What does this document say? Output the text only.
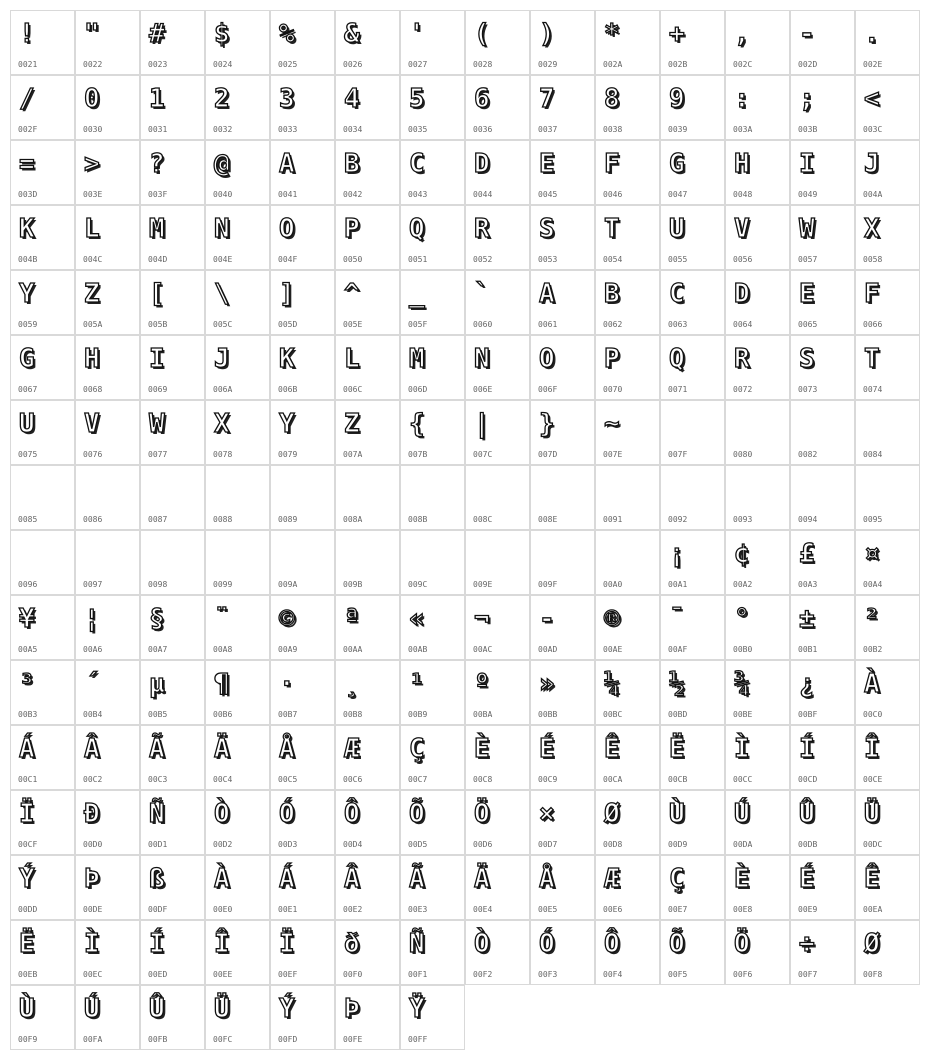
!
0021
"
0022
#
0023
$
0024
%
0025
&
0026
'
0027
(
0028
)
0029
*
002A
+
002B
,
002C
-
002D
.
002E
/
002F
0
0030
1
0031
2
0032
3
0033
4
0034
5
0035
6
0036
7
0037
8
0038
9
0039
:
003A
;
003B
<
003C
=
003D
>
003E
?
003F
@
0040
A
0041
B
0042
C
0043
D
0044
E
0045
F
0046
G
0047
H
0048
I
0049
J
004A
K
004B
L
004C
M
004D
N
004E
O
004F
P
0050
Q
0051
R
0052
S
0053
T
0054
U
0055
V
0056
W
0057
X
0058
Y
0059
Z
005A
[
005B
\
005C
]
005D
^
005E
_
005F
`
0060
A
0061
B
0062
C
0063
D
0064
E
0065
F
0066
G
0067
H
0068
I
0069
J
006A
K
006B
L
006C
M
006D
N
006E
O
006F
P
0070
Q
0071
R
0072
S
0073
T
0074
U
0075
V
0076
W
0077
X
0078
Y
0079
Z
007A
{
007B
|
007C
}
007D
~
007E	007F	0080	0082	0084
0085	0086	0087	0088	0089	008A	008B	008C	008E	0091	0092	0093	0094	0095
0096	0097	0098	0099	009A	009B	009C	009E	009F	00A0
¡
00A1
¢
00A2
£
00A3
¤
00A4
¥
00A5
¦
00A6
§
00A7
¨
00A8
©
00A9
ª
00AA
«
00AB
¬
00AC
-
00AD
®
00AE
¯
00AF
°
00B0
±
00B1
²
00B2
³
00B3
´
00B4
µ
00B5
¶
00B6
·
00B7
¸
00B8
¹
00B9
º
00BA
»
00BB
¼
00BC
½
00BD
¾
00BE
¿
00BF
À
00C0
Á
00C1
Â
00C2
Ã
00C3
Ä
00C4
Å
00C5
Æ
00C6
Ç
00C7
È
00C8
É
00C9
Ê
00CA
Ë
00CB
Ì
00CC
Í
00CD
Î
00CE
Ï
00CF
Ð
00D0
Ñ
00D1
Ò
00D2
Ó
00D3
Ô
00D4
Õ
00D5
Ö
00D6
×
00D7
Ø
00D8
Ù
00D9
Ú
00DA
Û
00DB
Ü
00DC
Ý
00DD
Þ
00DE
ß
00DF
À
00E0
Á
00E1
Â
00E2
Ã
00E3
Ä
00E4
Å
00E5
Æ
00E6
Ç
00E7
È
00E8
É
00E9
Ê
00EA
Ë
00EB
Ì
00EC
Í
00ED
Î
00EE
Ï
00EF
ð
00F0
Ñ
00F1
Ò
00F2
Ó
00F3
Ô
00F4
Õ
00F5
Ö
00F6
÷
00F7
Ø
00F8
Ù
00F9
Ú
00FA
Û
00FB
Ü
00FC
Ý
00FD
Þ
00FE
Ÿ
00FF
